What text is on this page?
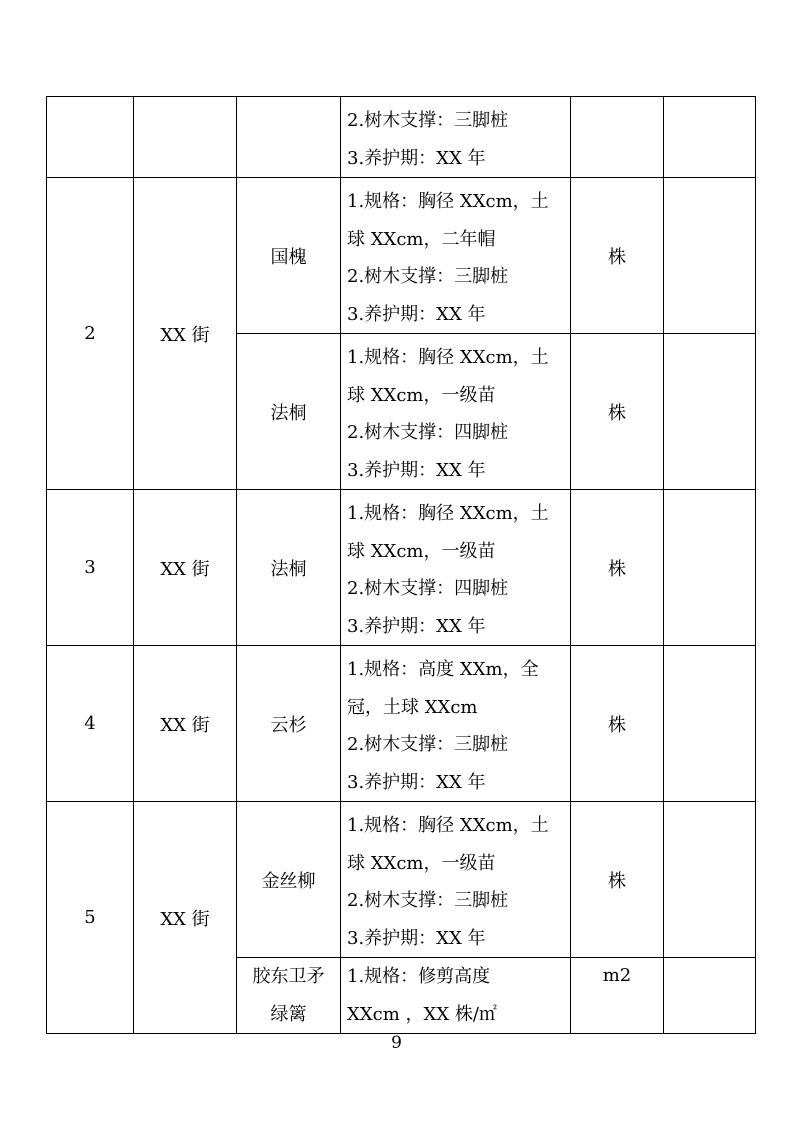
			2.树木支撑：三脚桩
3.养护期：XX 年		

2	XX 街	国槐	1.规格：胸径 XXcm，土
球 XXcm，二年帽
2.树木支撑：三脚桩
3.养护期：XX 年	株	
		法桐	1.规格：胸径 XXcm，土
球 XXcm，一级苗
2.树木支撑：四脚桩
3.养护期：XX 年	株	
3	XX 街	法桐	1.规格：胸径 XXcm，土
球 XXcm，一级苗
2.树木支撑：四脚桩
3.养护期：XX 年	株	
4	XX 街	云杉	1.规格：高度 XXm，全
冠，土球 XXcm
2.树木支撑：三脚桩
3.养护期：XX 年	株	
5	XX 街	金丝柳	1.规格：胸径 XXcm，土
球 XXcm，一级苗
2.树木支撑：三脚桩
3.养护期：XX 年	株	

		胶东卫矛
绿篱	1.规格：修剪高度
XXcm ，XX 株/㎡	m2	
9
